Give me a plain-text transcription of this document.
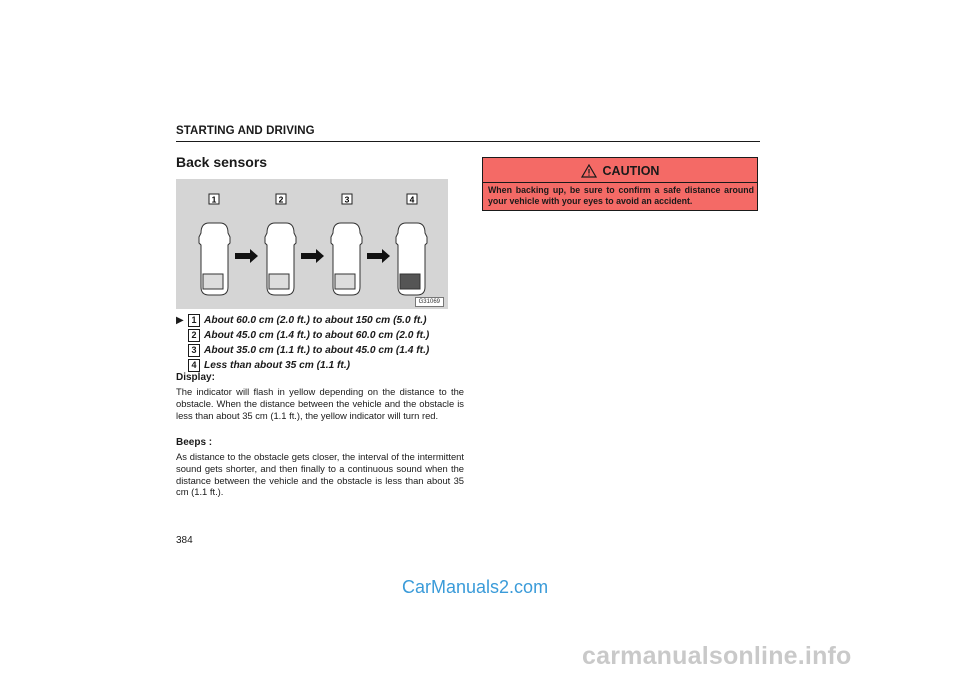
STARTING AND DRIVING
Back sensors
1	2	3	4
G31069
▶ 1 About 60.0 cm (2.0 ft.) to about 150 cm (5.0 ft.)
2 About 45.0 cm (1.4 ft.) to about 60.0 cm (2.0 ft.)
3 About 35.0 cm (1.1 ft.) to about 45.0 cm (1.4 ft.)
4 Less than about 35 cm (1.1 ft.)
Display:
The indicator will flash in yellow depending on the distance to the obstacle. When the distance between the vehicle and the obstacle is less than about 35 cm (1.1 ft.), the yellow indicator will turn red.
Beeps :
As distance to the obstacle gets closer, the interval of the intermittent sound gets shorter, and then finally to a continuous sound when the distance between the vehicle and the obstacle is less than about 35 cm (1.1 ft.).
384
CAUTION
When backing up, be sure to confirm a safe distance around your vehicle with your eyes to avoid an accident.
CarManuals2.com
carmanualsonline.info
